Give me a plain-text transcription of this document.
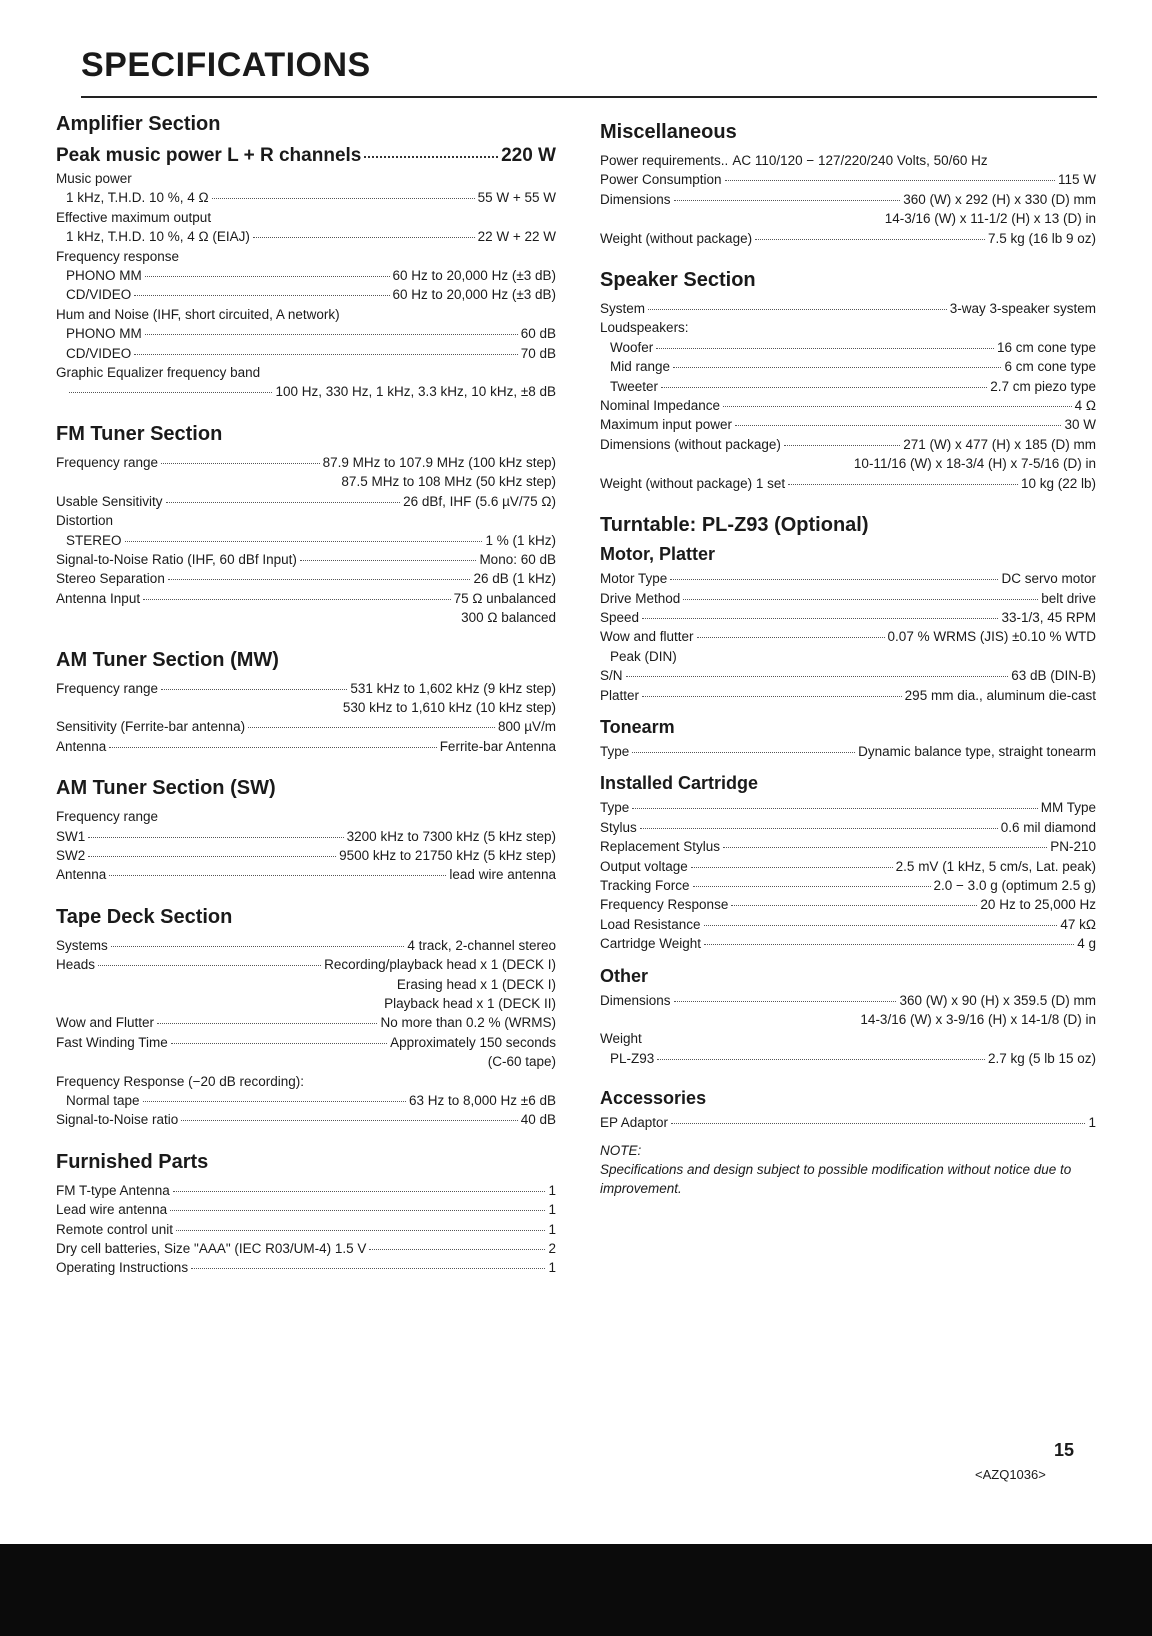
SPECIFICATIONS
Amplifier Section
Peak music power L + R channels	220 W
Music power
1 kHz, T.H.D. 10 %, 4 Ω	55 W + 55 W
Effective maximum output
1 kHz, T.H.D. 10 %, 4 Ω (EIAJ)	22 W + 22 W
Frequency response
PHONO MM	60 Hz to 20,000 Hz (±3 dB)
CD/VIDEO	60 Hz to 20,000 Hz (±3 dB)
Hum and Noise (IHF, short circuited, A network)
PHONO MM	60 dB
CD/VIDEO	70 dB
Graphic Equalizer frequency band
100 Hz, 330 Hz, 1 kHz, 3.3 kHz, 10 kHz, ±8 dB
FM Tuner Section
Frequency range	87.9 MHz to 107.9 MHz (100 kHz step)
87.5 MHz to 108 MHz (50 kHz step)
Usable Sensitivity	26 dBf, IHF (5.6 µV/75 Ω)
Distortion
STEREO	1 % (1 kHz)
Signal-to-Noise Ratio (IHF, 60 dBf Input)	Mono: 60 dB
Stereo Separation	26 dB (1 kHz)
Antenna Input	75 Ω unbalanced
300 Ω balanced
AM Tuner Section (MW)
Frequency range	531 kHz to 1,602 kHz (9 kHz step)
530 kHz to 1,610 kHz (10 kHz step)
Sensitivity (Ferrite-bar antenna)	800 µV/m
Antenna	Ferrite-bar Antenna
AM Tuner Section (SW)
Frequency range
SW1	3200 kHz to 7300 kHz (5 kHz step)
SW2	9500 kHz to 21750 kHz (5 kHz step)
Antenna	lead wire antenna
Tape Deck Section
Systems	4 track, 2-channel stereo
Heads	Recording/playback head x 1 (DECK I)
Erasing head x 1 (DECK I)
Playback head x 1 (DECK II)
Wow and Flutter	No more than 0.2 % (WRMS)
Fast Winding Time	Approximately 150 seconds
(C-60 tape)
Frequency Response (−20 dB recording):
Normal tape	63 Hz to 8,000 Hz ±6 dB
Signal-to-Noise ratio	40 dB
Furnished Parts
FM T-type Antenna	1
Lead wire antenna	1
Remote control unit	1
Dry cell batteries, Size "AAA" (IEC R03/UM-4) 1.5 V	2
Operating Instructions	1
Miscellaneous
Power requirements.. AC 110/120 − 127/220/240 Volts, 50/60 Hz
Power Consumption	115 W
Dimensions	360 (W) x 292 (H) x 330 (D) mm
14-3/16 (W) x 11-1/2 (H) x 13 (D) in
Weight (without package)	7.5 kg (16 lb 9 oz)
Speaker Section
System	3-way 3-speaker system
Loudspeakers:
Woofer	16 cm cone type
Mid range	6 cm cone type
Tweeter	2.7 cm piezo type
Nominal Impedance	4 Ω
Maximum input power	30 W
Dimensions (without package)	271 (W) x 477 (H) x 185 (D) mm
10-11/16 (W) x 18-3/4 (H) x 7-5/16 (D) in
Weight (without package) 1 set	10 kg (22 lb)
Turntable: PL-Z93 (Optional)
Motor, Platter
Motor Type	DC servo motor
Drive Method	belt drive
Speed	33-1/3, 45 RPM
Wow and flutter	0.07 % WRMS (JIS) ±0.10 % WTD
Peak (DIN)
S/N	63 dB (DIN-B)
Platter	295 mm dia., aluminum die-cast
Tonearm
Type	Dynamic balance type, straight tonearm
Installed Cartridge
Type	MM Type
Stylus	0.6 mil diamond
Replacement Stylus	PN-210
Output voltage	2.5 mV (1 kHz, 5 cm/s, Lat. peak)
Tracking Force	2.0 − 3.0 g (optimum 2.5 g)
Frequency Response	20 Hz to 25,000 Hz
Load Resistance	47 kΩ
Cartridge Weight	4 g
Other
Dimensions	360 (W) x 90 (H) x 359.5 (D) mm
14-3/16 (W) x 3-9/16 (H) x 14-1/8 (D) in
Weight
PL-Z93	2.7 kg (5 lb 15 oz)
Accessories
EP Adaptor	1
NOTE:
Specifications and design subject to possible modification without notice due to improvement.
15
<AZQ1036>
